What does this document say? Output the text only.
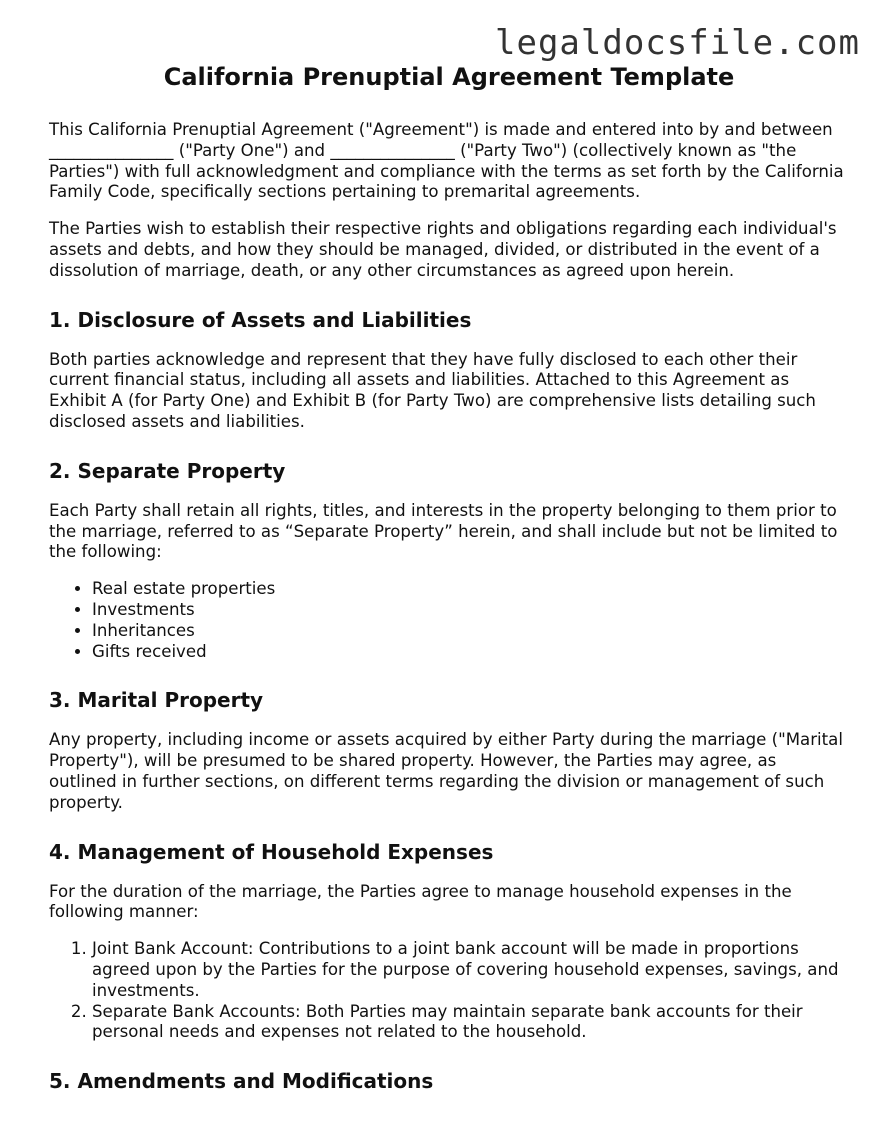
legaldocsfile.com
California Prenuptial Agreement Template

This California Prenuptial Agreement ("Agreement") is made and entered into by and between _______________ ("Party One") and _______________ ("Party Two") (collectively known as "the Parties") with full acknowledgment and compliance with the terms as set forth by the California Family Code, specifically sections pertaining to premarital agreements.

The Parties wish to establish their respective rights and obligations regarding each individual's assets and debts, and how they should be managed, divided, or distributed in the event of a dissolution of marriage, death, or any other circumstances as agreed upon herein.

1. Disclosure of Assets and Liabilities

Both parties acknowledge and represent that they have fully disclosed to each other their current financial status, including all assets and liabilities. Attached to this Agreement as Exhibit A (for Party One) and Exhibit B (for Party Two) are comprehensive lists detailing such disclosed assets and liabilities.

2. Separate Property

Each Party shall retain all rights, titles, and interests in the property belonging to them prior to the marriage, referred to as “Separate Property” herein, and shall include but not be limited to the following:

• Real estate properties
• Investments
• Inheritances
• Gifts received
3. Marital Property

Any property, including income or assets acquired by either Party during the marriage ("Marital Property"), will be presumed to be shared property. However, the Parties may agree, as outlined in further sections, on different terms regarding the division or management of such property.

4. Management of Household Expenses

For the duration of the marriage, the Parties agree to manage household expenses in the following manner:

1. Joint Bank Account: Contributions to a joint bank account will be made in proportions agreed upon by the Parties for the purpose of covering household expenses, savings, and investments.
2. Separate Bank Accounts: Both Parties may maintain separate bank accounts for their personal needs and expenses not related to the household.
5. Amendments and Modifications
